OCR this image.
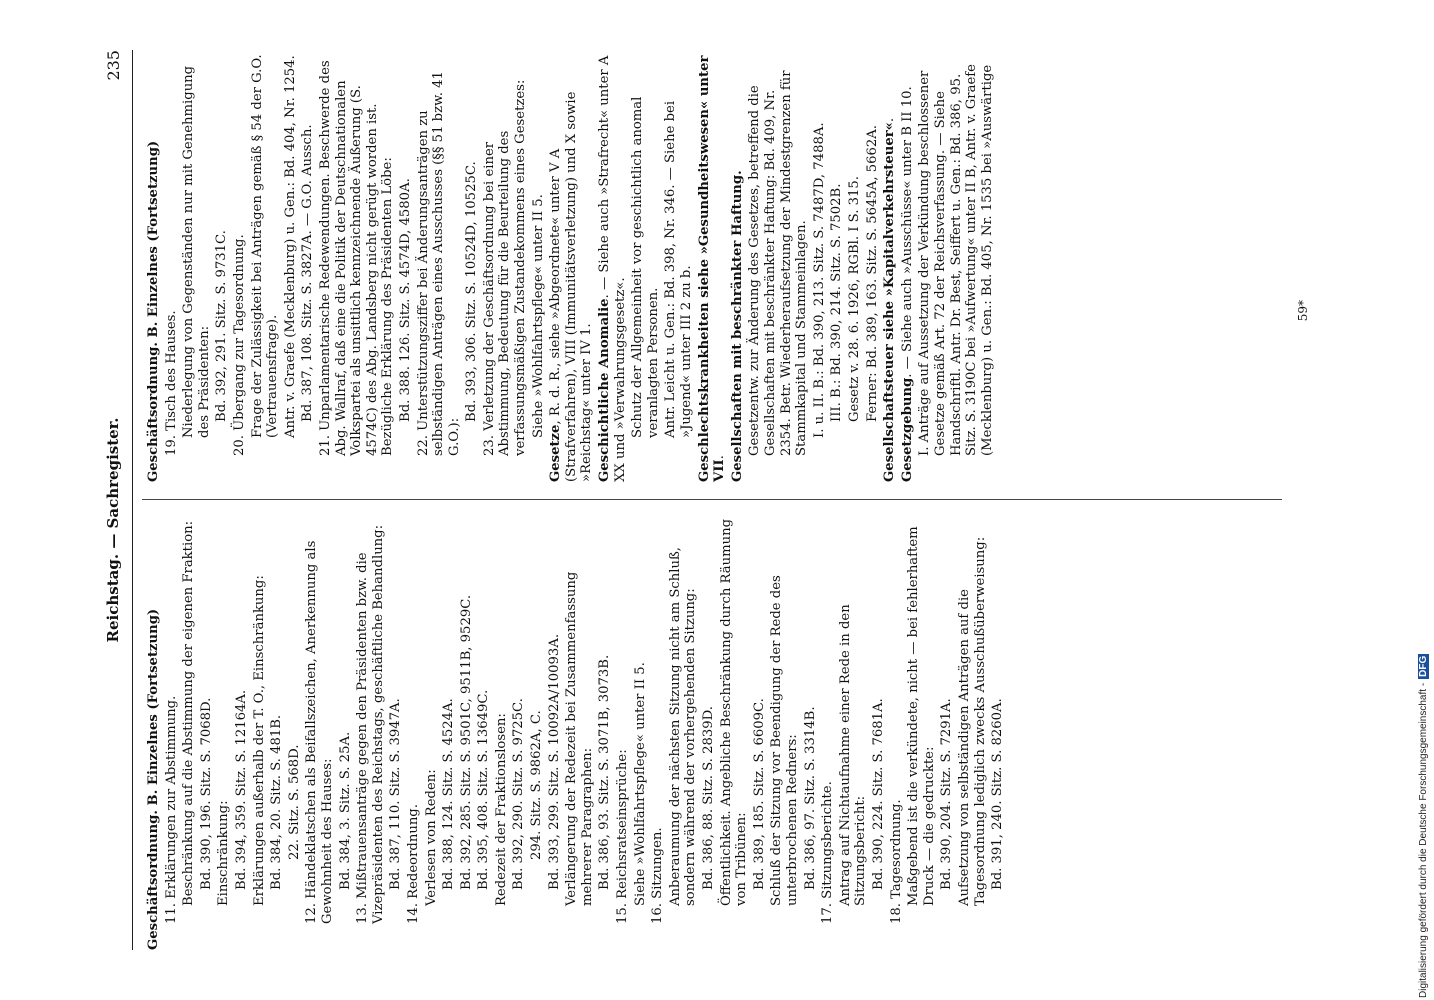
Reichstag. — Sachregister.
235
Geschäftsordnung. B. Einzelnes (Fortsetzung) 11. Erklärungen zur Abstimmung. Beschränkung auf die Abstimmung der eigenen Fraktion: Bd. 390, 196. Sitz. S. 7068D. Einschränkung: Bd. 394, 359. Sitz. S. 12164A. Erklärungen außerhalb der T. O., Einschränkung: Bd. 384, 20. Sitz. S. 481B. 22. Sitz. S. 568D. 12. Händeklatschen als Beifallszeichen, Anerkennung als Gewohnheit des Hauses: Bd. 384, 3. Sitz. S. 25A. 13. Mißtrauensanträge gegen den Präsidenten bzw. die Vizepräsidenten des Reichstags, geschäftliche Behandlung: Bd. 387, 110. Sitz. S. 3947A. 14. Redeordnung. Verlesen von Reden: Bd. 388, 124. Sitz. S. 4524A. Bd. 392, 285. Sitz. S. 9501C, 9511B, 9529C. Bd. 395, 408. Sitz. S. 13649C. Redezeit der Fraktionslosen: Bd. 392, 290. Sitz. S. 9725C. 294. Sitz. S. 9862A, C. Bd. 393, 299. Sitz. S. 10092A/10093A. Verlängerung der Redezeit bei Zusammenfassung mehrerer Paragraphen: Bd. 386, 93. Sitz. S. 3071B, 3073B. 15. Reichsratseinsprüche: Siehe »Wohlfahrtspflege« unter II 5. 16. Sitzungen. Anberaumung der nächsten Sitzung nicht am Schluß, sondern während der vorhergehenden Sitzung: Bd. 386, 88. Sitz. S. 2839D. Öffentlichkeit. Angebliche Beschränkung durch Räumung von Tribünen: Bd. 389, 185. Sitz. S. 6609C. Schluß der Sitzung vor Beendigung der Rede des unterbrochenen Redners: Bd. 386, 97. Sitz. S. 3314B. 17. Sitzungsberichte. Antrag auf Nichtaufnahme einer Rede in den Sitzungsbericht: Bd. 390, 224. Sitz. S. 7681A. 18. Tagesordnung. Maßgebend ist die verkündete, nicht — bei fehlerhaftem Druck — die gedruckte: Bd. 390, 204. Sitz. S. 7291A. Aufsetzung von selbständigen Anträgen auf die Tagesordnung lediglich zwecks Ausschußüberweisung: Bd. 391, 240. Sitz. S. 8260A.
Geschäftsordnung. B. Einzelnes (Fortsetzung) 19. Tisch des Hauses. Niederlegung von Gegenständen nur mit Genehmigung des Präsidenten: Bd. 392, 291. Sitz. S. 9731C. 20. Übergang zur Tagesordnung. Frage der Zulässigkeit bei Anträgen gemäß § 54 der G.O. (Vertrauensfrage). Antr. v. Graefe (Mecklenburg) u. Gen.: Bd. 404, Nr. 1254. Bd. 387, 108. Sitz. S. 3827A. — G.O. Aussch. 21. Unparlamentarische Redewendungen. Beschwerde des Abg. Wallraf, daß eine die Politik der Deutschnationalen Volkspartei als unsittlich kennzeichnende Äußerung (S. 4574C) des Abg. Landsberg nicht gerügt worden ist. Bezügliche Erklärung des Präsidenten Löbe: Bd. 388. 126. Sitz. S. 4574D, 4580A. 22. Unterstützungsziffer bei Änderungsanträgen zu selbständigen Anträgen eines Ausschusses (§§ 51 bzw. 41 G.O.):
Bd. 393, 306. Sitz. S. 10524D, 10525C. 23. Verletzung der Geschäftsordnung bei einer Abstimmung, Bedeutung für die Beurteilung des verfassungsmäßigen Zustandekommens eines Gesetzes: Siehe »Wohlfahrtspflege« unter II 5.
Gesetze, R. d. R., siehe »Abgeordnete« unter V A (Strafverfahren), VIII (Immunitätsverletzung) und X sowie »Reichstag« unter IV 1. Geschichtliche Anomalie. — Siehe auch »Strafrecht« unter A XX und »Verwahrungsgesetz«. Schutz der Allgemeinheit vor geschichtlich anomal veranlagten Personen. Antr. Leicht u. Gen.: Bd. 398, Nr. 346. — Siehe bei »Jugend« unter III 2 zu b. Geschlechtskrankheiten siehe »Gesundheitswesen« unter VII. Gesellschaften mit beschränkter Haftung. Gesetzentw. zur Änderung des Gesetzes, betreffend die Gesellschaften mit beschränkter Haftung: Bd. 409, Nr. 2354. Betr. Wiederheraufsetzung der Mindestgrenzen für Stammkapital und Stammeinlagen. I. u. II. B.: Bd. 390, 213. Sitz. S. 7487D, 7488A. III. B.: Bd. 390, 214. Sitz. S. 7502B. Gesetz v. 28. 6. 1926, RGBl. I S. 315. Ferner: Bd. 389, 163. Sitz. S. 5645A, 5662A. Gesellschaftsteuer siehe »Kapitalverkehrsteuer«.
Gesetzgebung. — Siehe auch »Ausschüsse« unter B II 10. I. Anträge auf Aussetzung der Verkündung beschlossener Gesetze gemäß Art. 72 der Reichsverfassung. — Siehe Handschriftl. Antr. Dr. Best, Seiffert u. Gen.: Bd. 386, 95. Sitz. S. 3190C bei »Aufwertung« unter II B, Antr. v. Graefe (Mecklenburg) u. Gen.: Bd. 405, Nr. 1535 bei »Auswärtige	59*
Digitalisierung gefördert durch die Deutsche Forschungsgemeinschaft -DFG
